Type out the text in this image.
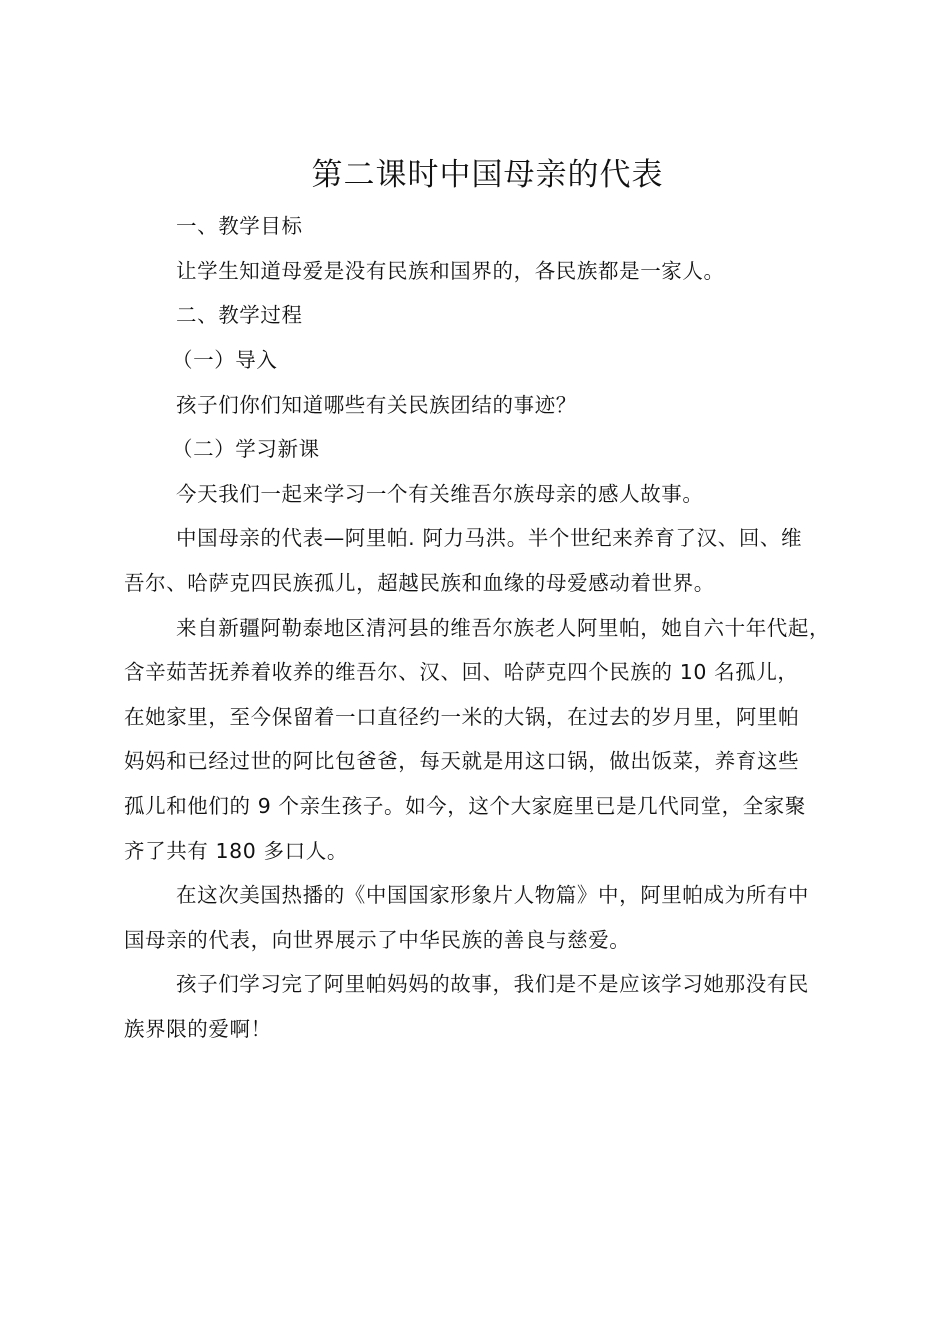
第二课时中国母亲的代表
一、教学目标
让学生知道母爱是没有民族和国界的，各民族都是一家人。
二、教学过程
（一）导入
孩子们你们知道哪些有关民族团结的事迹？
（二）学习新课
今天我们一起来学习一个有关维吾尔族母亲的感人故事。
中国母亲的代表—阿里帕. 阿力马洪。半个世纪来养育了汉、回、维
吾尔、哈萨克四民族孤儿，超越民族和血缘的母爱感动着世界。
来自新疆阿勒泰地区清河县的维吾尔族老人阿里帕，她自六十年代起，
含辛茹苦抚养着收养的维吾尔、汉、回、哈萨克四个民族的 10 名孤儿，
在她家里，至今保留着一口直径约一米的大锅，在过去的岁月里，阿里帕
妈妈和已经过世的阿比包爸爸，每天就是用这口锅，做出饭菜，养育这些
孤儿和他们的 9 个亲生孩子。如今，这个大家庭里已是几代同堂，全家聚
齐了共有 180 多口人。
在这次美国热播的《中国国家形象片人物篇》中，阿里帕成为所有中
国母亲的代表，向世界展示了中华民族的善良与慈爱。
孩子们学习完了阿里帕妈妈的故事，我们是不是应该学习她那没有民
族界限的爱啊！
